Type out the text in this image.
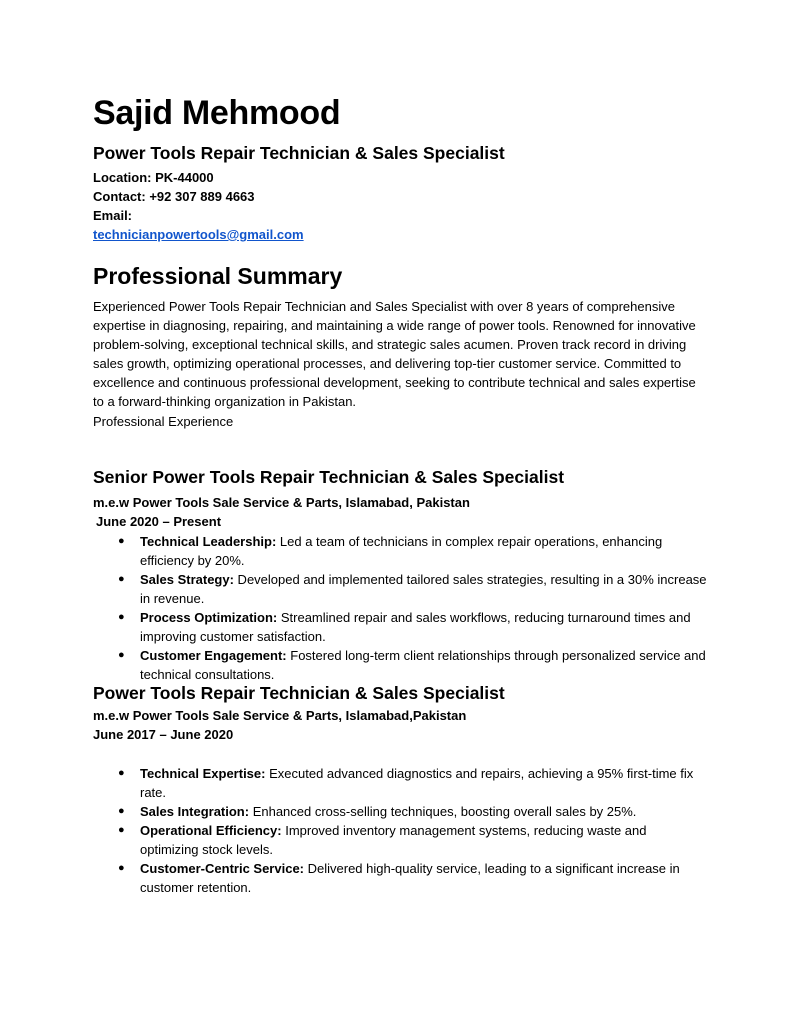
Sajid Mehmood
Power Tools Repair Technician & Sales Specialist
Location: PK-44000
Contact: +92 307 889 4663
Email:
technicianpowertools@gmail.com
Professional Summary

Experienced Power Tools Repair Technician and Sales Specialist with over 8 years of comprehensive expertise in diagnosing, repairing, and maintaining a wide range of power tools. Renowned for innovative problem-solving, exceptional technical skills, and strategic sales acumen. Proven track record in driving sales growth, optimizing operational processes, and delivering top-tier customer service. Committed to excellence and continuous professional development, seeking to contribute technical and sales expertise to a forward-thinking organization in Pakistan.

Professional Experience

Senior Power Tools Repair Technician & Sales Specialist
m.e.w Power Tools Sale Service & Parts, Islamabad, Pakistan
June 2020 – Present
● Technical Leadership: Led a team of technicians in complex repair operations, enhancing efficiency by 20%.
● Sales Strategy: Developed and implemented tailored sales strategies, resulting in a 30% increase in revenue.
● Process Optimization: Streamlined repair and sales workflows, reducing turnaround times and improving customer satisfaction.
● Customer Engagement: Fostered long-term client relationships through personalized service and technical consultations.
Power Tools Repair Technician & Sales Specialist
m.e.w Power Tools Sale Service & Parts, Islamabad,Pakistan
June 2017 – June 2020
● Technical Expertise: Executed advanced diagnostics and repairs, achieving a 95% first-time fix rate.
● Sales Integration: Enhanced cross-selling techniques, boosting overall sales by 25%.
● Operational Efficiency: Improved inventory management systems, reducing waste and optimizing stock levels.
● Customer-Centric Service: Delivered high-quality service, leading to a significant increase in customer retention.
